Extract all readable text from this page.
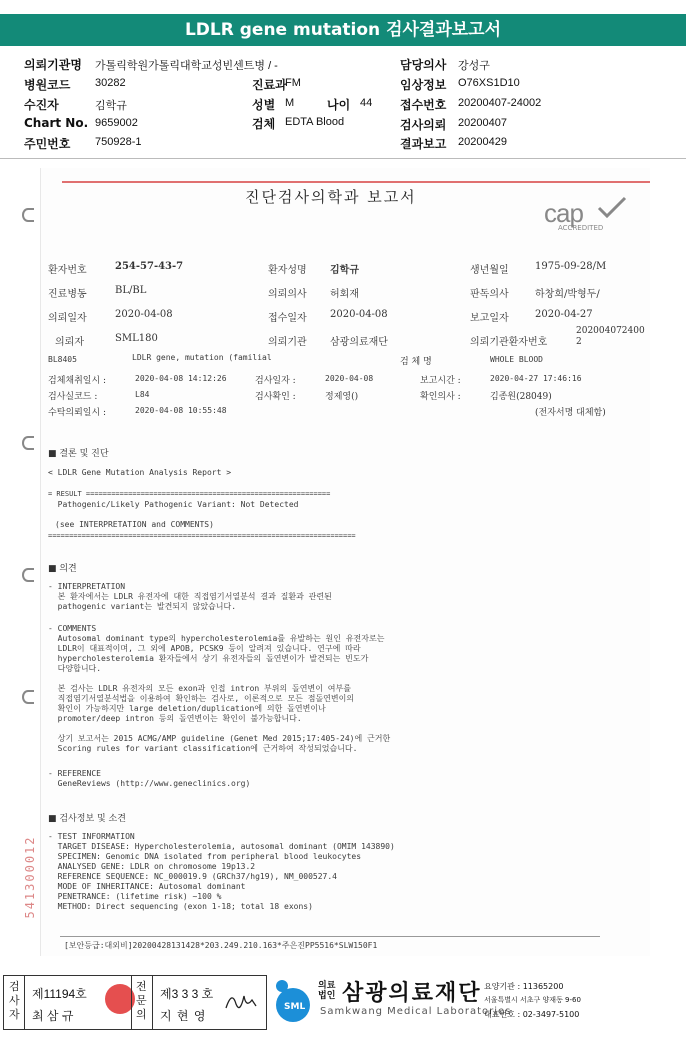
LDLR gene mutation 검사결과보고서
의뢰기관명 가톨릭학원가톨릭대학교성빈센트병 / -
병원코드 30282	진료과
FM
수진자	김학규	성별 M	나이 44
Chart No. 9659002	검체 EDTA Blood
주민번호 750928-1
담당의사 강성구
임상정보 O76XS1D10
접수번호 20200407-24002
검사의뢰 20200407
결과보고 20200429
진단검사의학과 보고서
cap
ACCREDITED
환자번호	254-57-43-7	환자성명 김학규	생년월일	1975-09-28/M
진료병동	BL/BL	의뢰의사 허회재	판독의사	하창희/박형두/
의뢰일자	2020-04-08	접수일자 2020-04-08	보고일자	2020-04-27
의뢰자	SML180	의뢰기관 삼광의료재단	의뢰기관환자번호
202004072400
2
BL8405	LDLR gene, mutation (familial	검 체 명	WHOLE BLOOD
검체채취일시 :	2020-04-08 14:12:26	검사일자 :	2020-04-08	보고시간 :	2020-04-27 17:46:16
검사실코드 :	L84	검사확인 :	정제영()	확인의사 :	김종원(28049)
수탁의뢰일시 :	2020-04-08 10:55:48	(전자서명 대체함)
■ 결론 및 진단
< LDLR Gene Mutation Analysis Report >
= RESULT ==========================================================
Pathogenic/Likely Pathogenic Variant: Not Detected
(see INTERPRETATION and COMMENTS)
=========================================================================
■ 의견
- INTERPRETATION
본 환자에서는 LDLR 유전자에 대한 직접염기서열분석 결과 질환과 관련된
pathogenic variant는 발견되지 않았습니다.
- COMMENTS
Autosomal dominant type의 hypercholesterolemia를 유발하는 원인 유전자로는
LDLR이 대표적이며, 그 외에 APOB, PCSK9 등이 알려져 있습니다. 연구에 따라
hypercholesterolemia 환자들에서 상기 유전자들의 돌연변이가 발견되는 빈도가
다양합니다.
본 검사는 LDLR 유전자의 모든 exon과 인접 intron 부위의 돌연변이 여부를
직접염기서열분석법을 이용하여 확인하는 검사로, 이론적으로 모든 점돌연변이의
확인이 가능하지만 large deletion/duplication에 의한 돌연변이나
promoter/deep intron 등의 돌연변이는 확인이 불가능합니다.
상기 보고서는 2015 ACMG/AMP guideline (Genet Med 2015;17:405-24)에 근거한
Scoring rules for variant classification에 근거하여 작성되었습니다.
- REFERENCE
GeneReviews (http://www.geneclinics.org)
■ 검사정보 및 소견
- TEST INFORMATION
TARGET DISEASE: Hypercholesterolemia, autosomal dominant (OMIM 143890)
SPECIMEN: Genomic DNA isolated from peripheral blood leukocytes
ANALYSED GENE: LDLR on chromosome 19p13.2
REFERENCE SEQUENCE: NC_000019.9 (GRCh37/hg19), NM_000527.4
MODE OF INHERITANCE: Autosomal dominant
PENETRANCE: (lifetime risk) ~100 %
METHOD: Direct sequencing (exon 1-18; total 18 exons)
541300012
[보안등급:대외비]20200428131428*203.249.210.163*주은진PP5516*SLW150F1
검
사
자
제11194호
최 삼 규
전
문
의
제3 3 3 호
지 현 영
SML
의료
법인 삼광의료재단
Samkwang Medical Laboratories
요양기관 : 11365200
서울특별시 서초구 양재동 9-60
대표번호 : 02-3497-5100
